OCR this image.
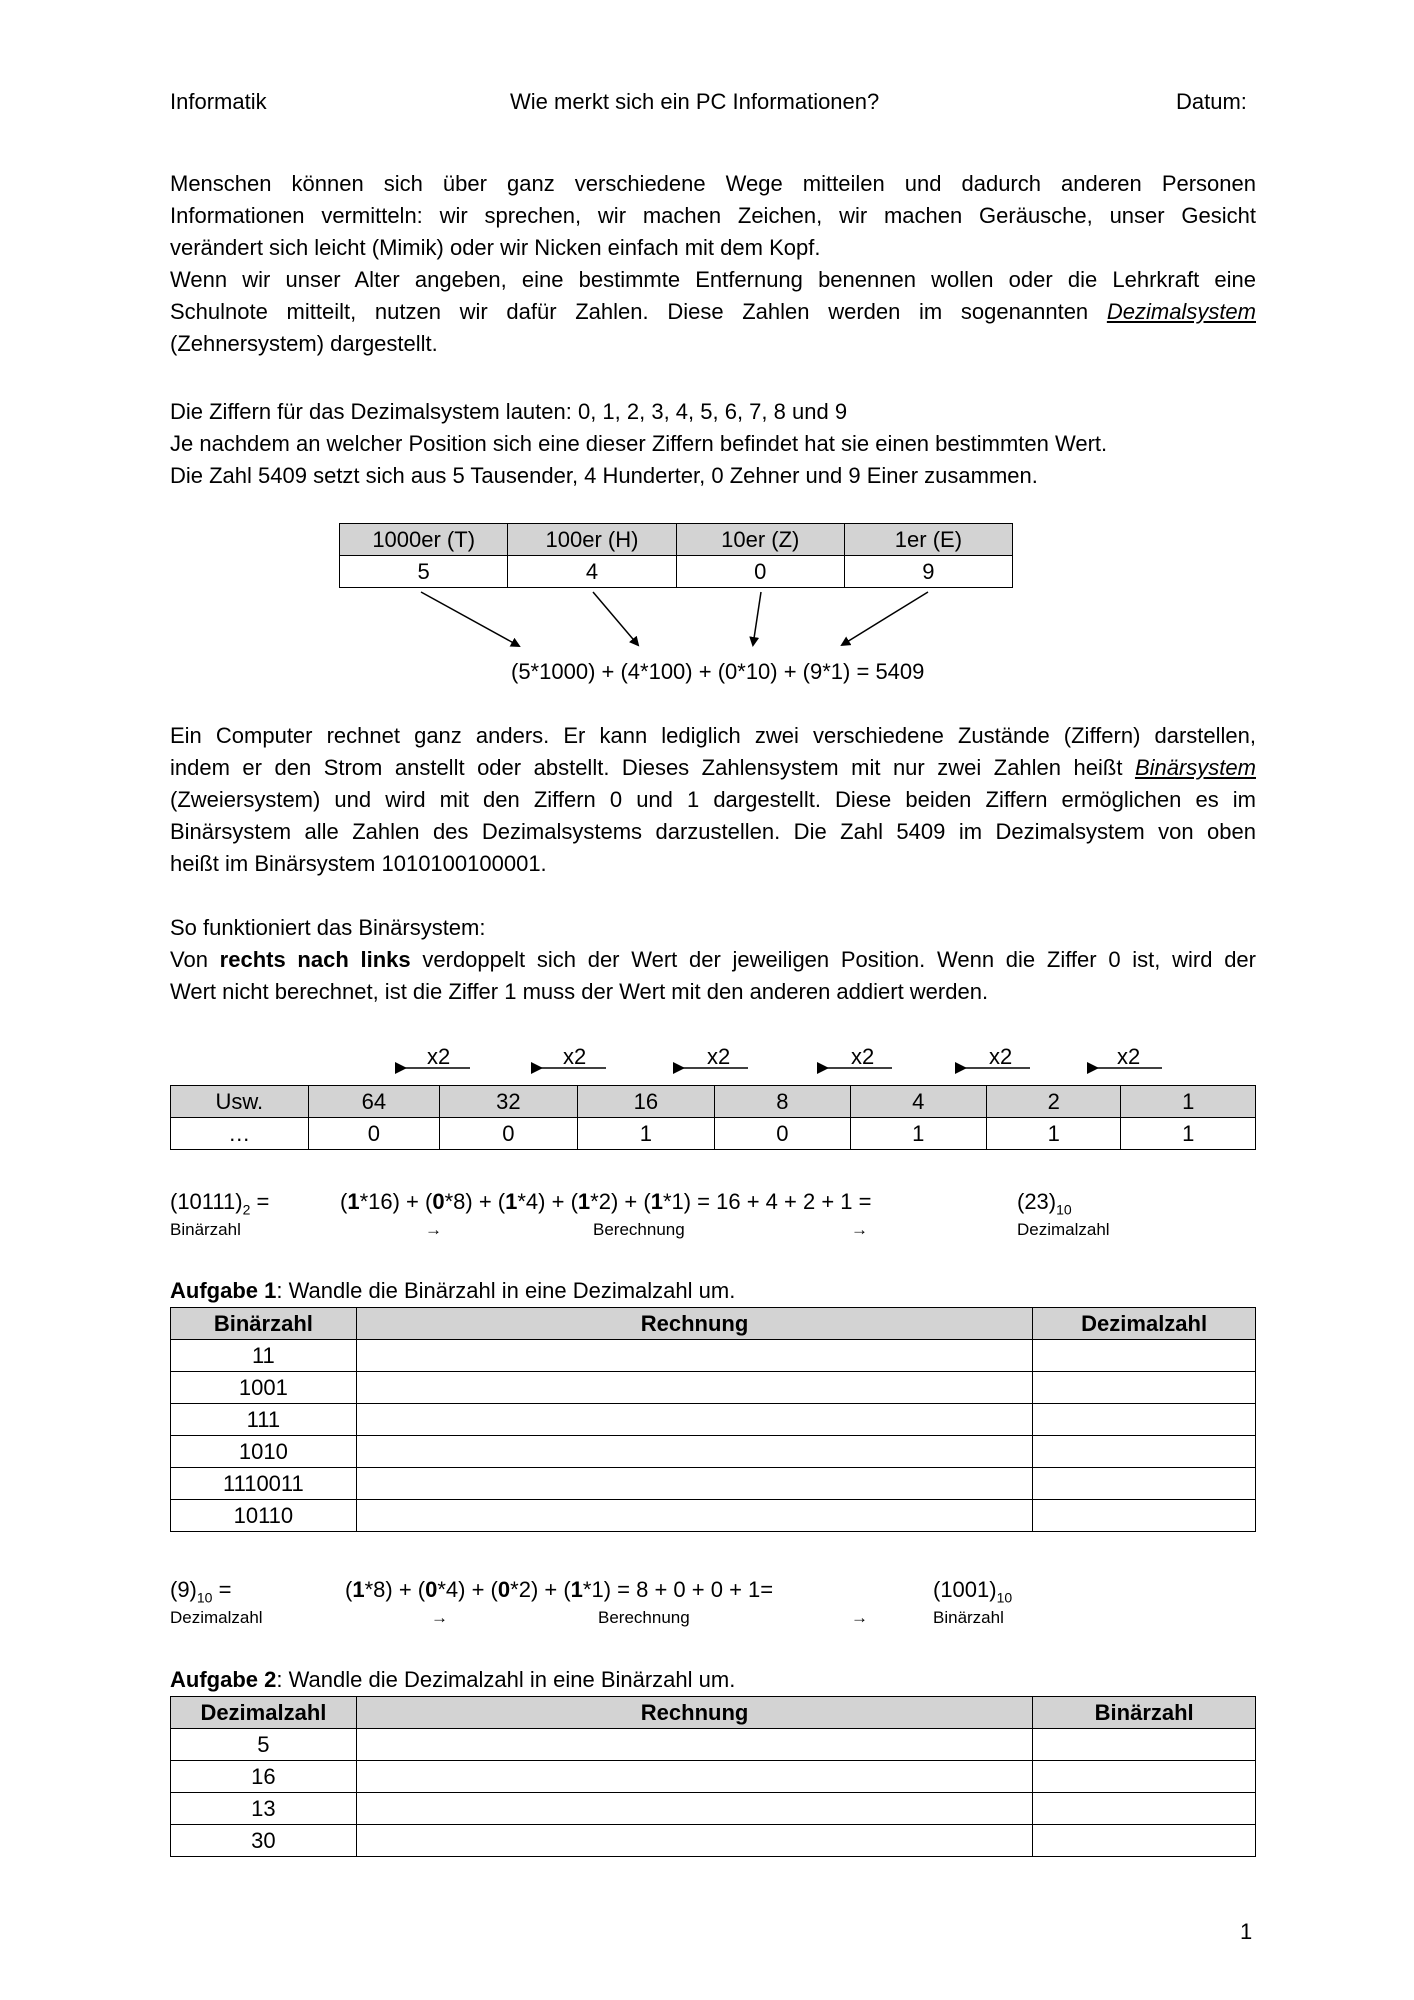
Informatik	Wie merkt sich ein PC Informationen?	Datum:
Menschen können sich über ganz verschiedene Wege mitteilen und dadurch anderen Personen
Informationen vermitteln: wir sprechen, wir machen Zeichen, wir machen Geräusche, unser Gesicht
verändert sich leicht (Mimik) oder wir Nicken einfach mit dem Kopf.
Wenn wir unser Alter angeben, eine bestimmte Entfernung benennen wollen oder die Lehrkraft eine
Schulnote mitteilt, nutzen wir dafür Zahlen. Diese Zahlen werden im sogenannten Dezimalsystem
(Zehnersystem) dargestellt.
Die Ziffern für das Dezimalsystem lauten: 0, 1, 2, 3, 4, 5, 6, 7, 8 und 9
Je nachdem an welcher Position sich eine dieser Ziffern befindet hat sie einen bestimmten Wert.
Die Zahl 5409 setzt sich aus 5 Tausender, 4 Hunderter, 0 Zehner und 9 Einer zusammen.
1000er (T)	100er (H)	10er (Z)	1er (E)
5	4	0	9
(5*1000) + (4*100) + (0*10) + (9*1) = 5409
Ein Computer rechnet ganz anders. Er kann lediglich zwei verschiedene Zustände (Ziffern) darstellen,
indem er den Strom anstellt oder abstellt. Dieses Zahlensystem mit nur zwei Zahlen heißt Binärsystem
(Zweiersystem) und wird mit den Ziffern 0 und 1 dargestellt. Diese beiden Ziffern ermöglichen es im
Binärsystem alle Zahlen des Dezimalsystems darzustellen. Die Zahl 5409 im Dezimalsystem von oben
heißt im Binärsystem 1010100100001.
So funktioniert das Binärsystem:
Von rechts nach links verdoppelt sich der Wert der jeweiligen Position. Wenn die Ziffer 0 ist, wird der
Wert nicht berechnet, ist die Ziffer 1 muss der Wert mit den anderen addiert werden.
x2	x2	x2	x2	x2	x2
Usw.	64	32	16	8	4	2	1
…	0	0	1	0	1	1	1
$(10111)_2$ =	(1*16) + (0*8) + (1*4) + (1*2) + (1*1) = 16 + 4 + 2 + 1 =	$(23)_{10}$
Binärzahl	→	Berechnung	→	Dezimalzahl
Aufgabe 1: Wandle die Binärzahl in eine Dezimalzahl um.
Binärzahl	Rechnung	Dezimalzahl
11		
1001		
111		
1010		
1110011		
10110		
$(9)_{10}$ =	(1*8) + (0*4) + (0*2) + (1*1) = 8 + 0 + 0 + 1=	$(1001)_{10}$
Dezimalzahl	→	Berechnung	→	Binärzahl
Aufgabe 2: Wandle die Dezimalzahl in eine Binärzahl um.
Dezimalzahl	Rechnung	Binärzahl
5		
16		
13		
30		
1
